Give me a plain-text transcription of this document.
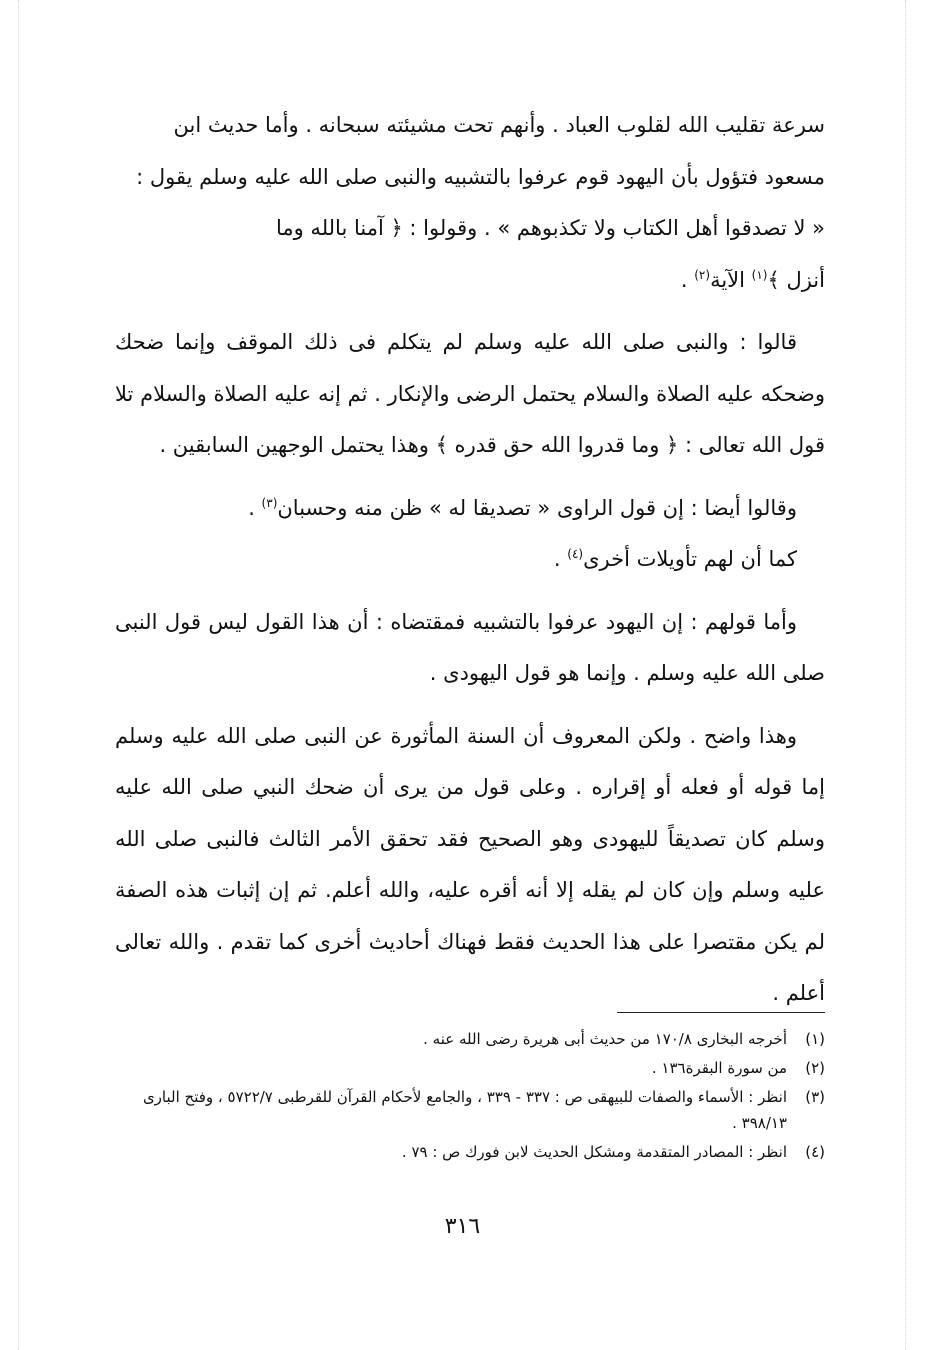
سرعة تقليب الله لقلوب العباد . وأنهم تحت مشيئته سبحانه . وأما حديث ابن
مسعود فتؤول بأن اليهود قوم عرفوا بالتشبيه والنبى صلى الله عليه وسلم يقول :
« لا تصدقوا أهل الكتاب ولا تكذبوهم » . وقولوا : ﴿ آمنا بالله وما
أنزل ﴾$^{(١)}$ الآية$^{(٢)}$ .

قالوا : والنبى صلى الله عليه وسلم لم يتكلم فى ذلك الموقف وإنما ضحك وضحكه عليه الصلاة والسلام يحتمل الرضى والإنكار . ثم إنه عليه الصلاة والسلام تلا قول الله تعالى : ﴿ وما قدروا الله حق قدره ﴾ وهذا يحتمل الوجهين السابقين .

وقالوا أيضا : إن قول الراوى « تصديقا له » ظن منه وحسبان$^{(٣)}$ .

كما أن لهم تأويلات أخرى$^{(٤)}$ .

وأما قولهم : إن اليهود عرفوا بالتشبيه فمقتضاه : أن هذا القول ليس قول النبى صلى الله عليه وسلم . وإنما هو قول اليهودى .

وهذا واضح . ولكن المعروف أن السنة المأثورة عن النبى صلى الله عليه وسلم إما قوله أو فعله أو إقراره . وعلى قول من يرى أن ضحك النبي صلى الله عليه وسلم كان تصديقاً لليهودى وهو الصحيح فقد تحقق الأمر الثالث فالنبى صلى الله عليه وسلم وإن كان لم يقله إلا أنه أقره عليه، والله أعلم. ثم إن إثبات هذه الصفة لم يكن مقتصرا على هذا الحديث فقط فهناك أحاديث أخرى كما تقدم . والله تعالى أعلم .

(١)
أخرجه البخارى ١٧٠/٨ من حديث أبى هريرة رضى الله عنه .
(٢)
من سورة البقرة١٣٦ .
(٣)
انظر : الأسماء والصفات للبيهقى ص : ٣٣٧ - ٣٣٩ ، والجامع لأحكام القرآن للقرطبى ٥٧٢٢/٧ ، وفتح البارى ٣٩٨/١٣ .
(٤)
انظر : المصادر المتقدمة ومشكل الحديث لابن فورك ص : ٧٩ .
٣١٦
